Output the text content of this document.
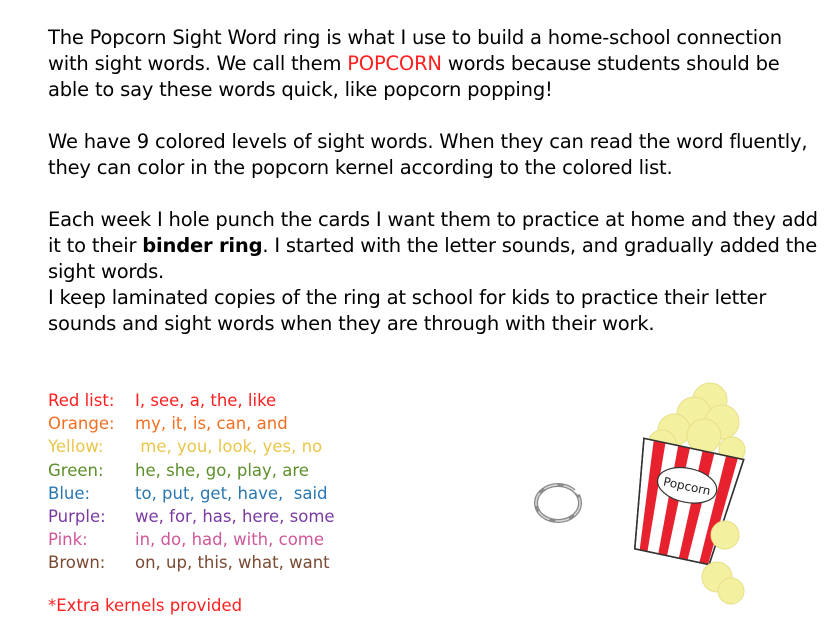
The Popcorn Sight Word ring is what I use to build a home-school connection with sight words. We call them POPCORN words because students should be able to say these words quick, like popcorn popping!
We have 9 colored levels of sight words. When they can read the word fluently, they can color in the popcorn kernel according to the colored list.
Each week I hole punch the cards I want them to practice at home and they add it to their binder ring. I started with the letter sounds, and gradually added the sight words.
I keep laminated copies of the ring at school for kids to practice their letter sounds and sight words when they are through with their work.
Red list:	I, see, a, the, like
Orange:	my, it, is, can, and
Yellow:	me, you, look, yes, no
Green:	he, she, go, play, are
Blue:	to, put, get, have,  said
Purple:	we, for, has, here, some
Pink:	in, do, had, with, come
Brown:	on, up, this, what, want
*Extra kernels provided
Popcorn
